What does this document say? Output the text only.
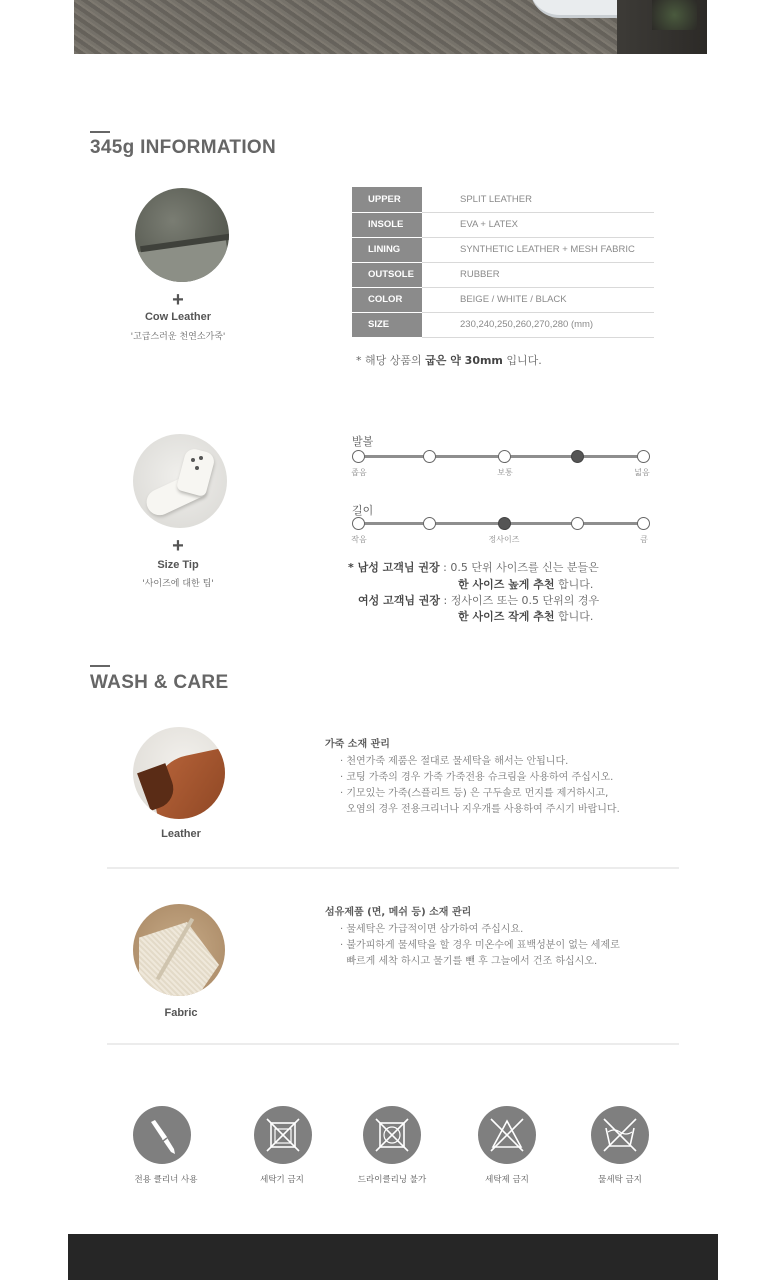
345g INFORMATION
+
Cow Leather
'고급스러운 천연소가죽'
UPPER	SPLIT LEATHER
INSOLE	EVA + LATEX
LINING	SYNTHETIC LEATHER + MESH FABRIC
OUTSOLE	RUBBER
COLOR	BEIGE / WHITE / BLACK
SIZE	230,240,250,260,270,280 (mm)
* 해당 상품의 굽은 약 30mm 입니다.
+
Size Tip
'사이즈에 대한 팁'
발볼
좁음	보통	넓음
길이
작음	정사이즈	큼
* 남성 고객님 권장 : 0.5 단위 사이즈를 신는 분들은
한 사이즈 높게 추천 합니다.
여성 고객님 권장 : 정사이즈 또는 0.5 단위의 경우
한 사이즈 작게 추천 합니다.
WASH & CARE
Leather
가죽 소재 관리
· 천연가죽 제품은 절대로 물세탁을 해서는 안됩니다.
· 코팅 가죽의 경우 가죽 가죽전용 슈크림을 사용하여 주십시오.
· 기모있는 가죽(스플리트 등) 은 구두솔로 먼지를 제거하시고,
오염의 경우 전용크리너나 지우개를 사용하여 주시기 바랍니다.
Fabric
섬유제품 (면, 메쉬 등) 소재 관리
· 물세탁은 가급적이면 삼가하여 주십시요.
· 불가피하게 물세탁을 할 경우 미온수에 표백성분이 없는 세제로
빠르게 세착 하시고 물기를 뺀 후 그늘에서 건조 하십시오.
전용 클리너 사용	세탁기 금지	드라이클리닝 불가	세탁제 금지	물세탁 금지
